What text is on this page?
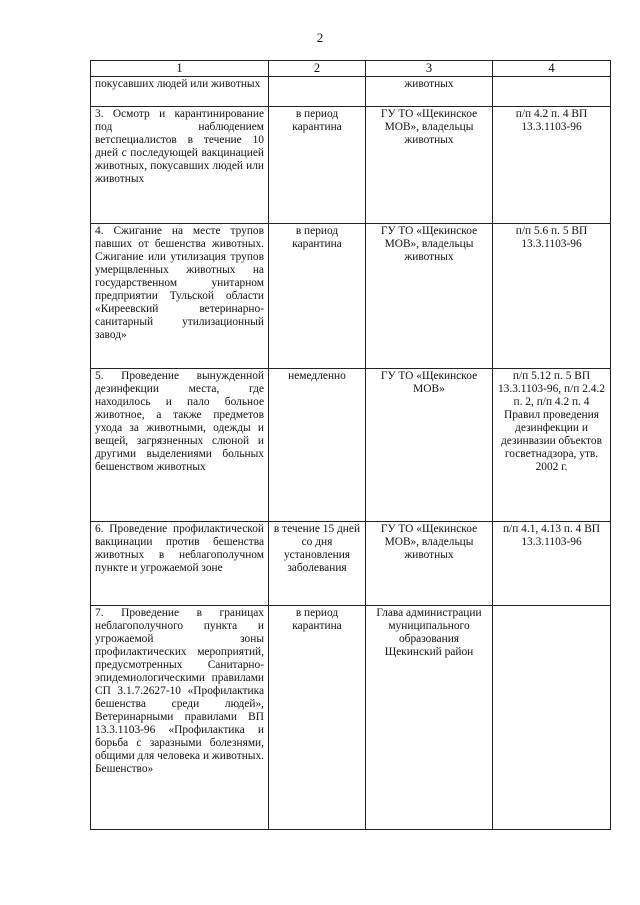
2
1	2	3	4
покусавших людей или животных		животных	
3. Осмотр и карантинирование под наблюдением ветспециалистов в течение 10 дней с последующей вакцинацией животных, покусавших людей или животных	в период карантина	ГУ ТО «Щекинское МОВ», владельцы животных	п/п 4.2 п. 4 ВП 13.3.1103-96
4. Сжигание на месте трупов павших от бешенства животных. Сжигание или утилизация трупов умерщвленных животных на государственном унитарном предприятии Тульской области «Киреевский ветеринарно-санитарный утилизационный завод»	в период карантина	ГУ ТО «Щекинское МОВ», владельцы животных	п/п 5.6 п. 5 ВП 13.3.1103-96
5. Проведение вынужденной дезинфекции места, где находилось и пало больное животное, а также предметов ухода за животными, одежды и вещей, загрязненных слюной и другими выделениями больных бешенством животных	немедленно	ГУ ТО «Щекинское МОВ»	п/п 5.12 п. 5 ВП 13.3.1103-96, п/п 2.4.2 п. 2, п/п 4.2 п. 4 Правил проведения дезинфекции и дезинвазии объектов госветнадзора, утв. 2002 г.
6. Проведение профилактической вакцинации против бешенства животных в неблагополучном пункте и угрожаемой зоне	в течение 15 дней со дня установления заболевания	ГУ ТО «Щекинское МОВ», владельцы животных	п/п 4.1, 4.13 п. 4 ВП 13.3.1103-96
7. Проведение в границах неблагополучного пункта и угрожаемой зоны профилактических мероприятий, предусмотренных Санитарно-эпидемиологическими правилами СП 3.1.7.2627-10 «Профилактика бешенства среди людей», Ветеринарными правилами ВП 13.3.1103-96 «Профилактика и борьба с заразными болезнями, общими для человека и животных. Бешенство»	в период карантина	Глава администрации муниципального образования Щекинский район	
